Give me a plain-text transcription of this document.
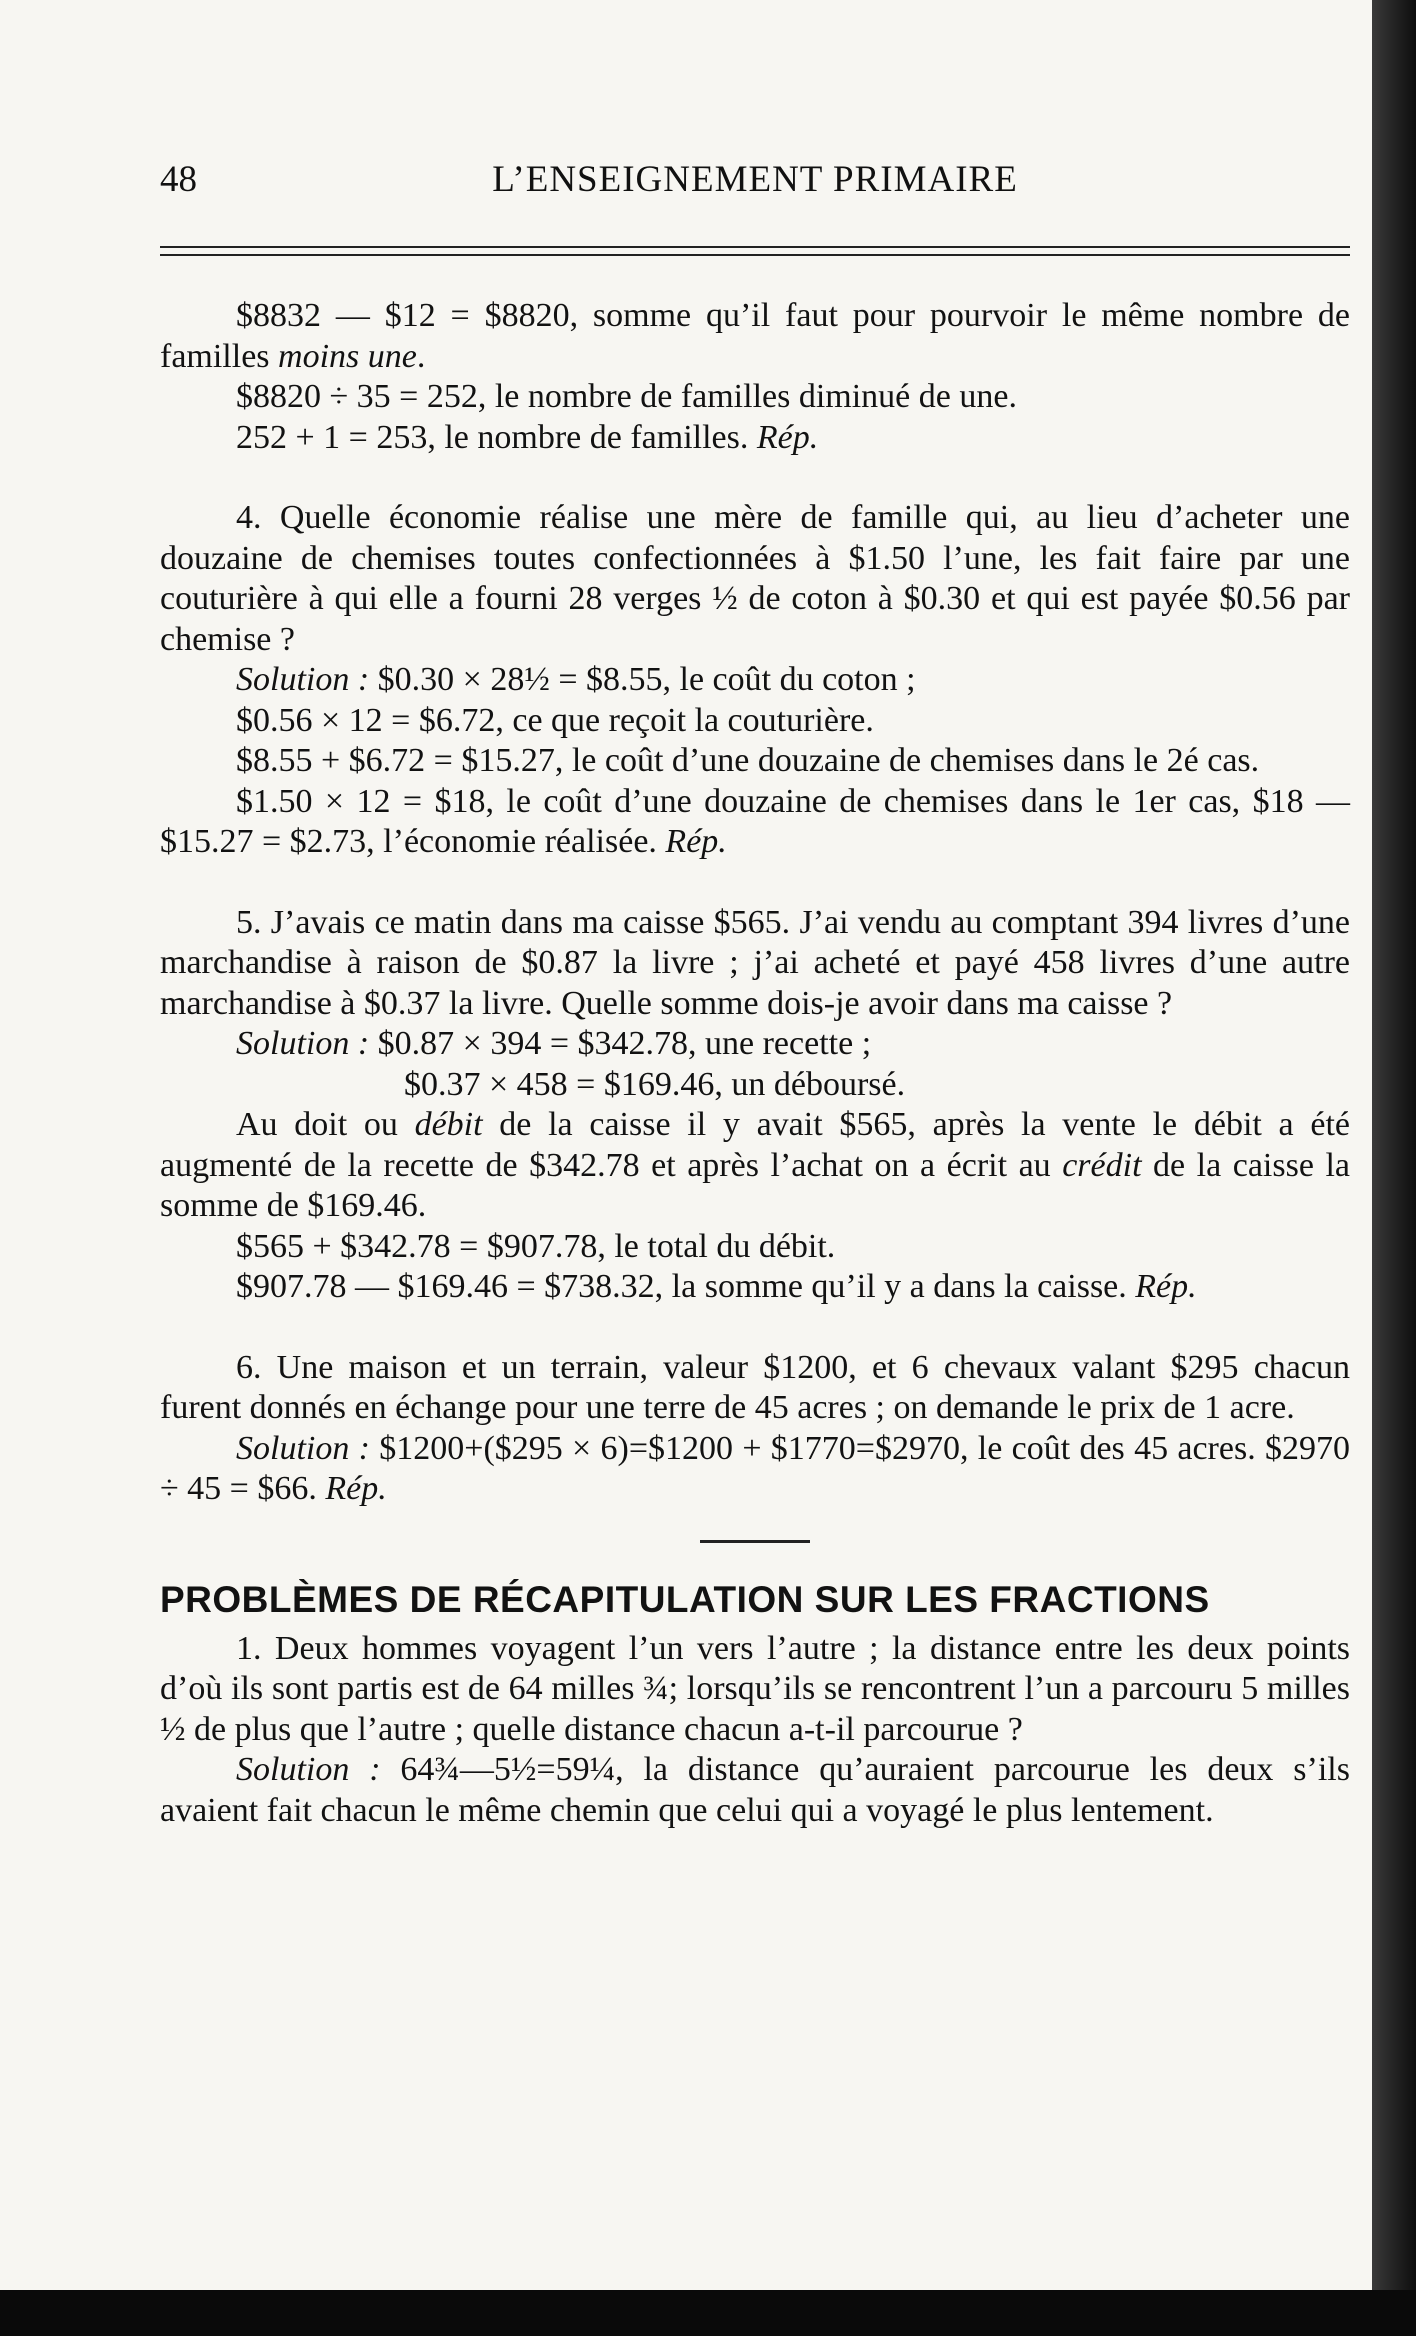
48	L’ENSEIGNEMENT PRIMAIRE

$8832 — $12 = $8820, somme qu’il faut pour pourvoir le même nombre de familles moins une.

$8820 ÷ 35 = 252, le nombre de familles diminué de une.

252 + 1 = 253, le nombre de familles. Rép.

4. Quelle économie réalise une mère de famille qui, au lieu d’acheter une douzaine de chemises toutes confectionnées à $1.50 l’une, les fait faire par une couturière à qui elle a fourni 28 verges ½ de coton à $0.30 et qui est payée $0.56 par chemise ?

Solution : $0.30 × 28½ = $8.55, le coût du coton ;

$0.56 × 12 = $6.72, ce que reçoit la couturière.

$8.55 + $6.72 = $15.27, le coût d’une douzaine de chemises dans le 2é cas.

$1.50 × 12 = $18, le coût d’une douzaine de chemises dans le 1er cas, $18 — $15.27 = $2.73, l’économie réalisée. Rép.

5. J’avais ce matin dans ma caisse $565. J’ai vendu au comptant 394 livres d’une marchandise à raison de $0.87 la livre ; j’ai acheté et payé 458 livres d’une autre marchandise à $0.37 la livre. Quelle somme dois-je avoir dans ma caisse ?

Solution : $0.87 × 394 = $342.78, une recette ;

$0.37 × 458 = $169.46, un déboursé.

Au doit ou débit de la caisse il y avait $565, après la vente le débit a été augmenté de la recette de $342.78 et après l’achat on a écrit au crédit de la caisse la somme de $169.46.

$565 + $342.78 = $907.78, le total du débit.

$907.78 — $169.46 = $738.32, la somme qu’il y a dans la caisse. Rép.

6. Une maison et un terrain, valeur $1200, et 6 chevaux valant $295 chacun furent donnés en échange pour une terre de 45 acres ; on demande le prix de 1 acre.

Solution : $1200+($295 × 6)=$1200 + $1770=$2970, le coût des 45 acres. $2970 ÷ 45 = $66. Rép.

PROBLÈMES DE RÉCAPITULATION SUR LES FRACTIONS

1. Deux hommes voyagent l’un vers l’autre ; la distance entre les deux points d’où ils sont partis est de 64 milles ¾; lorsqu’ils se rencontrent l’un a parcouru 5 milles ½ de plus que l’autre ; quelle distance chacun a-t-il parcourue ?

Solution : 64¾—5½=59¼, la distance qu’auraient parcourue les deux s’ils avaient fait chacun le même chemin que celui qui a voyagé le plus lentement.
